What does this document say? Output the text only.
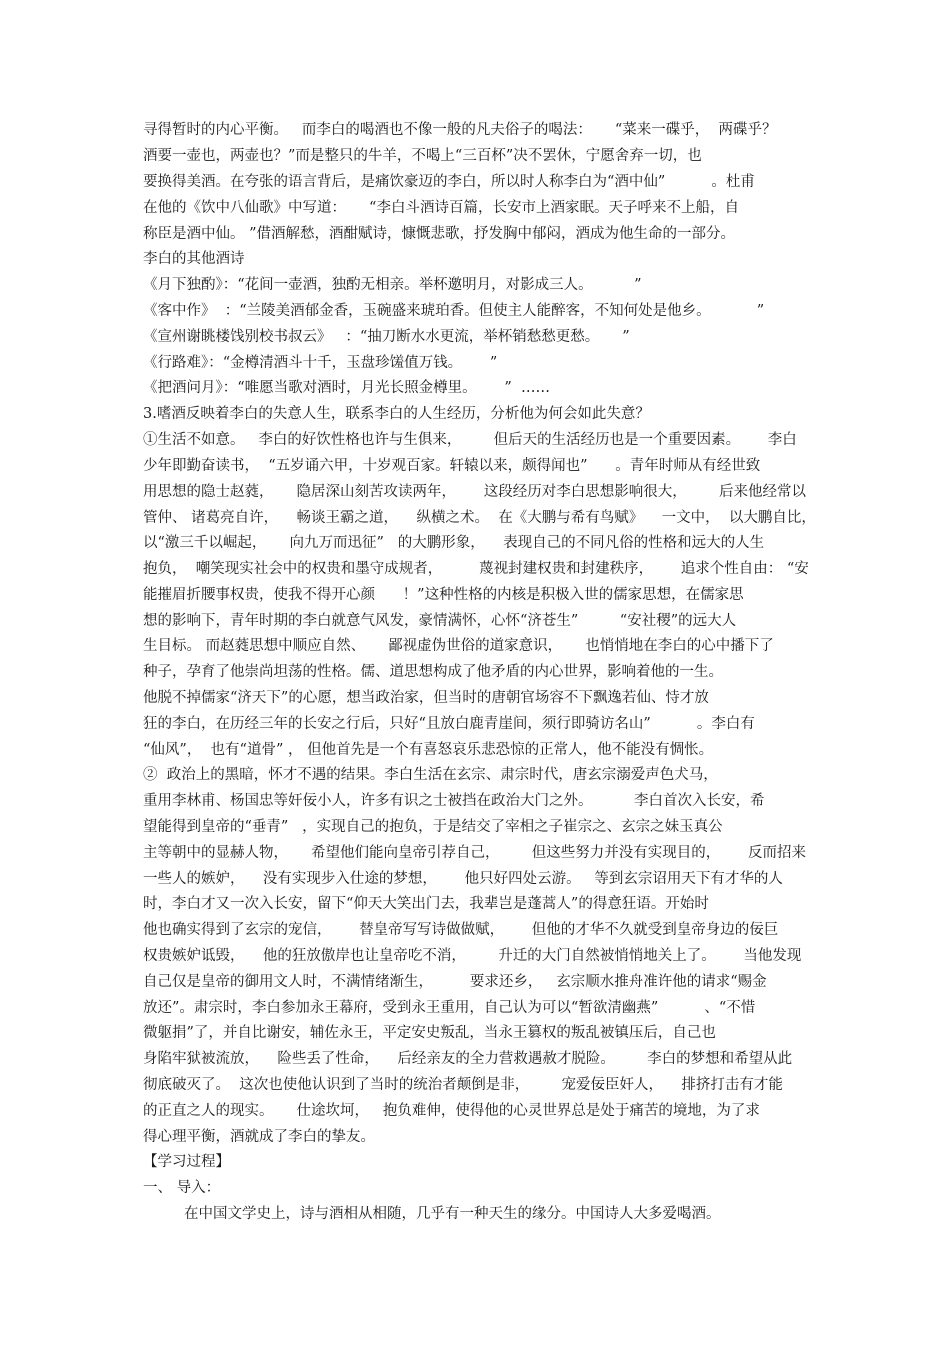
寻得暂时的内心平衡。   而李白的喝酒也不像一般的凡夫俗子的喝法：     “菜来一碟乎，  两碟乎？

酒要一壶也，两壶也？”而是整只的牛羊，不喝上“三百杯”决不罢休，宁愿舍弃一切，也

要换得美酒。在夸张的语言背后，是痛饮豪迈的李白，所以时人称李白为“酒中仙”          。杜甫

在他的《饮中八仙歌》中写道：     “李白斗酒诗百篇，长安市上酒家眠。天子呼来不上船，自

称臣是酒中仙。 ”借酒解愁，酒酣赋诗，慷慨悲歌，抒发胸中郁闷，酒成为他生命的一部分。

李白的其他酒诗

《月下独酌》：“花间一壶酒，独酌无相亲。举杯邀明月，对影成三人。         ”

《客中作》  ：“兰陵美酒郁金香，玉碗盛来琥珀香。但使主人能醉客，不知何处是他乡。          ”

《宣州谢眺楼饯别校书叔云》   ：“抽刀断水水更流，举杯销愁愁更愁。     ”

《行路难》：“金樽清酒斗十千，玉盘珍馐值万钱。      ”

《把酒问月》：“唯愿当歌对酒时，月光长照金樽里。      ”  ……

3.嗜酒反映着李白的失意人生，联系李白的人生经历，分析他为何会如此失意？

①生活不如意。   李白的好饮性格也许与生俱来，       但后天的生活经历也是一个重要因素。      李白

少年即勤奋读书，  “五岁诵六甲，十岁观百家。轩辕以来，颇得闻也”      。青年时师从有经世致

用思想的隐士赵蕤，     隐居深山刻苦攻读两年，      这段经历对李白思想影响很大，       后来他经常以

管仲、 诸葛亮自许，    畅谈王霸之道，    纵横之术。  在《大鹏与希有鸟赋》    一文中，  以大鹏自比，

以“激三千以崛起，     向九万而迅征”   的大鹏形象，    表现自己的不同凡俗的性格和远大的人生

抱负，  嘲笑现实社会中的权贵和墨守成规者，        蔑视封建权贵和封建秩序，      追求个性自由： “安

能摧眉折腰事权贵，使我不得开心颜      ！”这种性格的内核是积极入世的儒家思想，在儒家思

想的影响下，青年时期的李白就意气风发，豪情满怀，心怀“济苍生”         “安社稷”的远大人

生目标。 而赵蕤思想中顺应自然、     鄙视虚伪世俗的道家意识，     也悄悄地在李白的心中播下了

种子，孕育了他崇尚坦荡的性格。儒、道思想构成了他矛盾的内心世界，影响着他的一生。

他脱不掉儒家“济天下”的心愿，想当政治家，但当时的唐朝官场容不下飘逸若仙、恃才放

狂的李白，在历经三年的长安之行后，只好“且放白鹿青崖间，须行即骑访名山”          。李白有

“仙风”，  也有“道骨” ， 但他首先是一个有喜怒哀乐悲恐惊的正常人，他不能没有惆怅。

②  政治上的黑暗，怀才不遇的结果。李白生活在玄宗、肃宗时代，唐玄宗溺爱声色犬马，

重用李林甫、杨国忠等奸佞小人，许多有识之士被挡在政治大门之外。         李白首次入长安，希

望能得到皇帝的“垂青”   ，实现自己的抱负，于是结交了宰相之子崔宗之、玄宗之妹玉真公

主等朝中的显赫人物，     希望他们能向皇帝引荐自己，       但这些努力并没有实现目的，      反而招来

一些人的嫉妒，    没有实现步入仕途的梦想，      他只好四处云游。   等到玄宗诏用天下有才华的人

时，李白才又一次入长安，留下“仰天大笑出门去，我辈岂是蓬蒿人”的得意狂语。开始时

他也确实得到了玄宗的宠信，      替皇帝写写诗做做赋，      但他的才华不久就受到皇帝身边的佞巨

权贵嫉妒诋毁，    他的狂放傲岸也让皇帝吃不消，       升迁的大门自然被悄悄地关上了。      当他发现

自己仅是皇帝的御用文人时，不满情绪渐生，        要求还乡，   玄宗顺水推舟准许他的请求“赐金

放还”。肃宗时，李白参加永王幕府，受到永王重用，自己认为可以“暂欲清幽燕”          、“不惜

微躯捐”了，并自比谢安，辅佐永王，平定安史叛乱，当永王篡权的叛乱被镇压后，自己也

身陷牢狱被流放，    险些丢了性命，    后经亲友的全力营救遇赦才脱险。       李白的梦想和希望从此

彻底破灭了。  这次也使他认识到了当时的统治者颠倒是非，       宠爱佞臣奸人，    排挤打击有才能

的正直之人的现实。     仕途坎坷，   抱负难伸，使得他的心灵世界总是处于痛苦的境地，为了求

得心理平衡，酒就成了李白的挚友。

【学习过程】

一、 导入：

在中国文学史上，诗与酒相从相随，几乎有一种天生的缘分。中国诗人大多爱喝酒。
